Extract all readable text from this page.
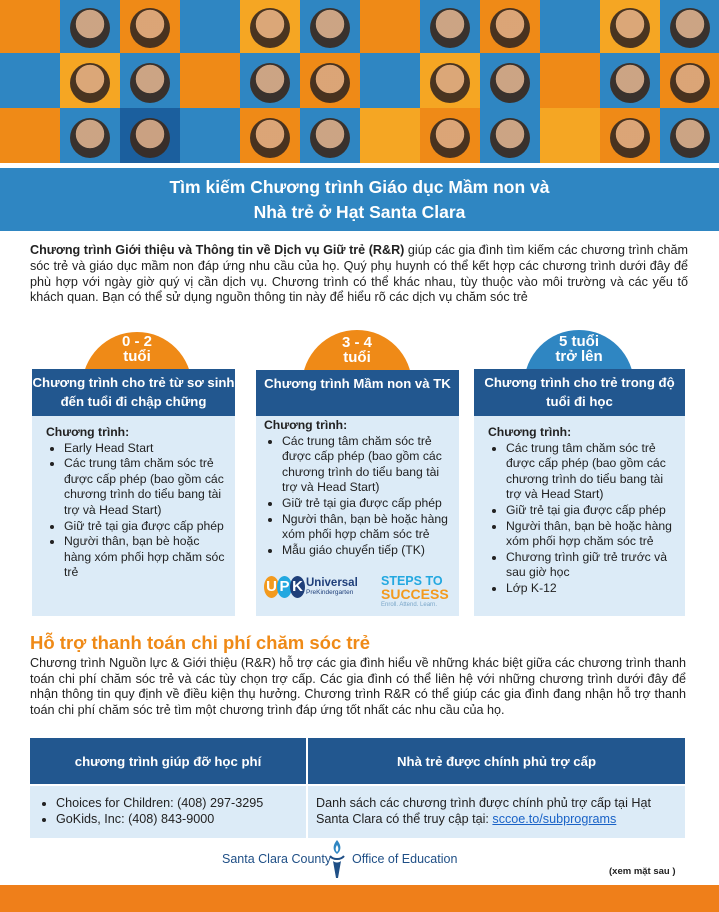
Tìm kiếm Chương trình Giáo dục Mầm non và
Nhà trẻ ở Hạt Santa Clara

Chương trình Giới thiệu và Thông tin về Dịch vụ Giữ trẻ (R&R) giúp các gia đình tìm kiếm các chương trình chăm sóc trẻ và giáo dục mầm non đáp ứng nhu cầu của họ. Quý phụ huynh có thể kết hợp các chương trình dưới đây để phù hợp với ngày giờ quý vị cần dịch vụ. Chương trình có thể khác nhau, tùy thuộc vào môi trường và các yếu tố khách quan. Bạn có thể sử dụng nguồn thông tin này để hiểu rõ các dịch vụ chăm sóc trẻ

0 - 2
tuổi
Chương trình cho trẻ từ sơ sinh đến tuổi đi chập chững
Chương trình:
• Early Head Start
• Các trung tâm chăm sóc trẻ được cấp phép (bao gồm các chương trình do tiểu bang tài trợ và Head Start)
• Giữ trẻ tại gia được cấp phép
• Người thân, bạn bè hoặc hàng xóm phối hợp chăm sóc trẻ
3 - 4
tuổi
Chương trình Mầm non và TK
Chương trình:
• Các trung tâm chăm sóc trẻ được cấp phép (bao gồm các chương trình do tiểu bang tài trợ và Head Start)
• Giữ trẻ tại gia được cấp phép
• Người thân, bạn bè hoặc hàng xóm phối hợp chăm sóc trẻ
• Mẫu giáo chuyển tiếp (TK)
U P K Universal
PreKindergarten
STEPS TO
SUCCESS
Enroll. Attend. Learn.
5 tuổi
trở lên
Chương trình cho trẻ trong độ tuổi đi học
Chương trình:
• Các trung tâm chăm sóc trẻ được cấp phép (bao gồm các chương trình do tiểu bang tài trợ và Head Start)
• Giữ trẻ tại gia được cấp phép
• Người thân, bạn bè hoặc hàng xóm phối hợp chăm sóc trẻ
• Chương trình giữ trẻ trước và sau giờ học
• Lớp K-12
Hỗ trợ thanh toán chi phí chăm sóc trẻ

Chương trình Nguồn lực & Giới thiệu (R&R) hỗ trợ các gia đình hiểu về những khác biệt giữa các chương trình thanh toán chi phí chăm sóc trẻ và các tùy chọn trợ cấp. Các gia đình có thể liên hệ với những chương trình dưới đây để nhận thông tin quy định về điều kiện thụ hưởng. Chương trình R&R có thể giúp các gia đình đang nhận hỗ trợ thanh toán chi phí chăm sóc trẻ tìm một chương trình đáp ứng tốt nhất các nhu cầu của họ.

chương trình giúp đỡ học phí	Nhà trẻ được chính phủ trợ cấp
• Choices for Children: (408) 297-3295
• GoKids, Inc: (408) 843-9000
Danh sách các chương trình được chính phủ trợ cấp tại Hạt Santa Clara có thể truy cập tại: sccoe.to/subprograms
Santa Clara County Office of Education
(xem mặt sau )
